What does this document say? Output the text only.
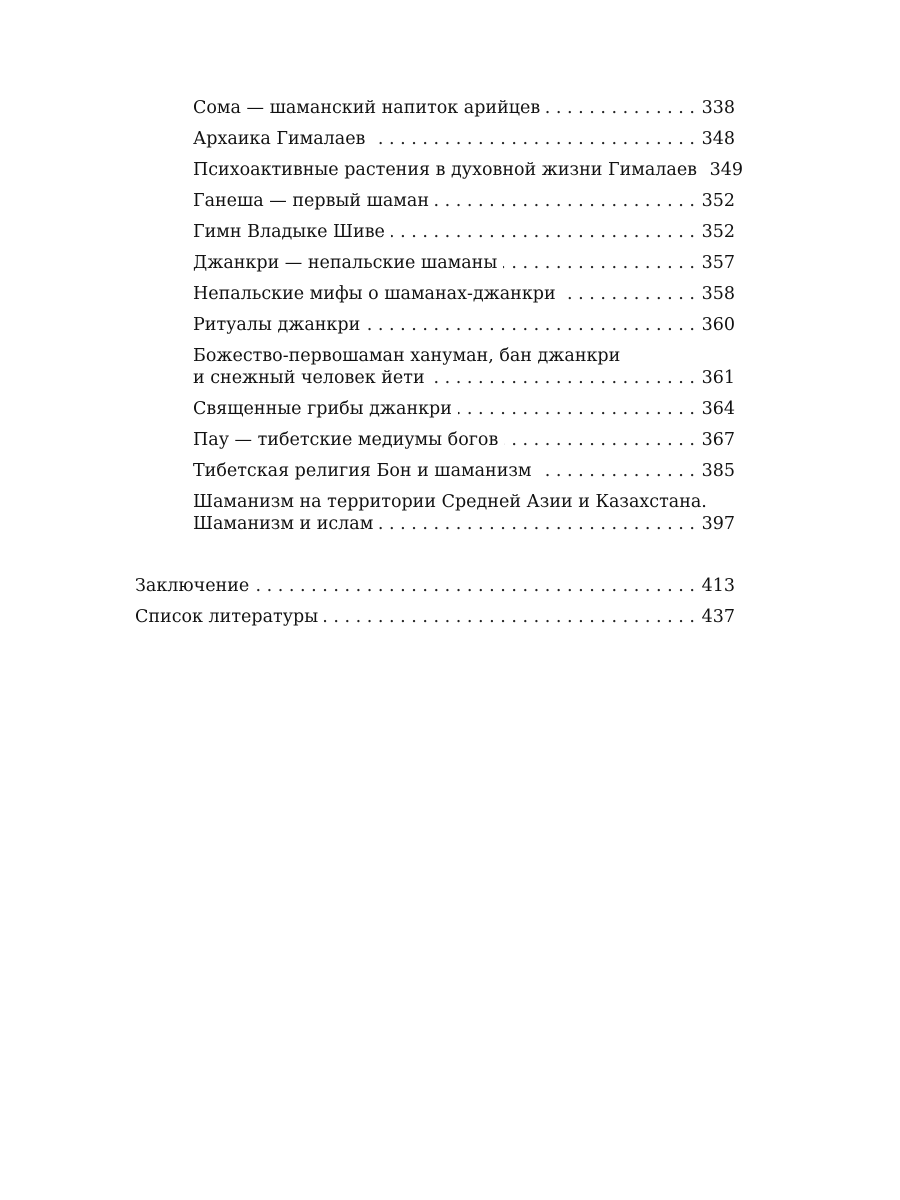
Сома — шаманский напиток арийцев . . .	338
Архаика Гималаев . . .	348
Психоактивные растения в духовной жизни Гималаев 349
Ганеша — первый шаман . . .	352
Гимн Владыке Шиве . . .	352
Джанкри — непальские шаманы . . .	357
Непальские мифы о шаманах-джанкри . . .	358
Ритуалы джанкри . . .	360
Божество-первошаман хануман, бан джанкри
и снежный человек йети . . .	361
Священные грибы джанкри . . .	364
Пау — тибетские медиумы богов . . .	367
Тибетская религия Бон и шаманизм . . .	385
Шаманизм на территории Средней Азии и Казахстана.
Шаманизм и ислам . . .	397
Заключение . . .	413
Список литературы . . .	437
